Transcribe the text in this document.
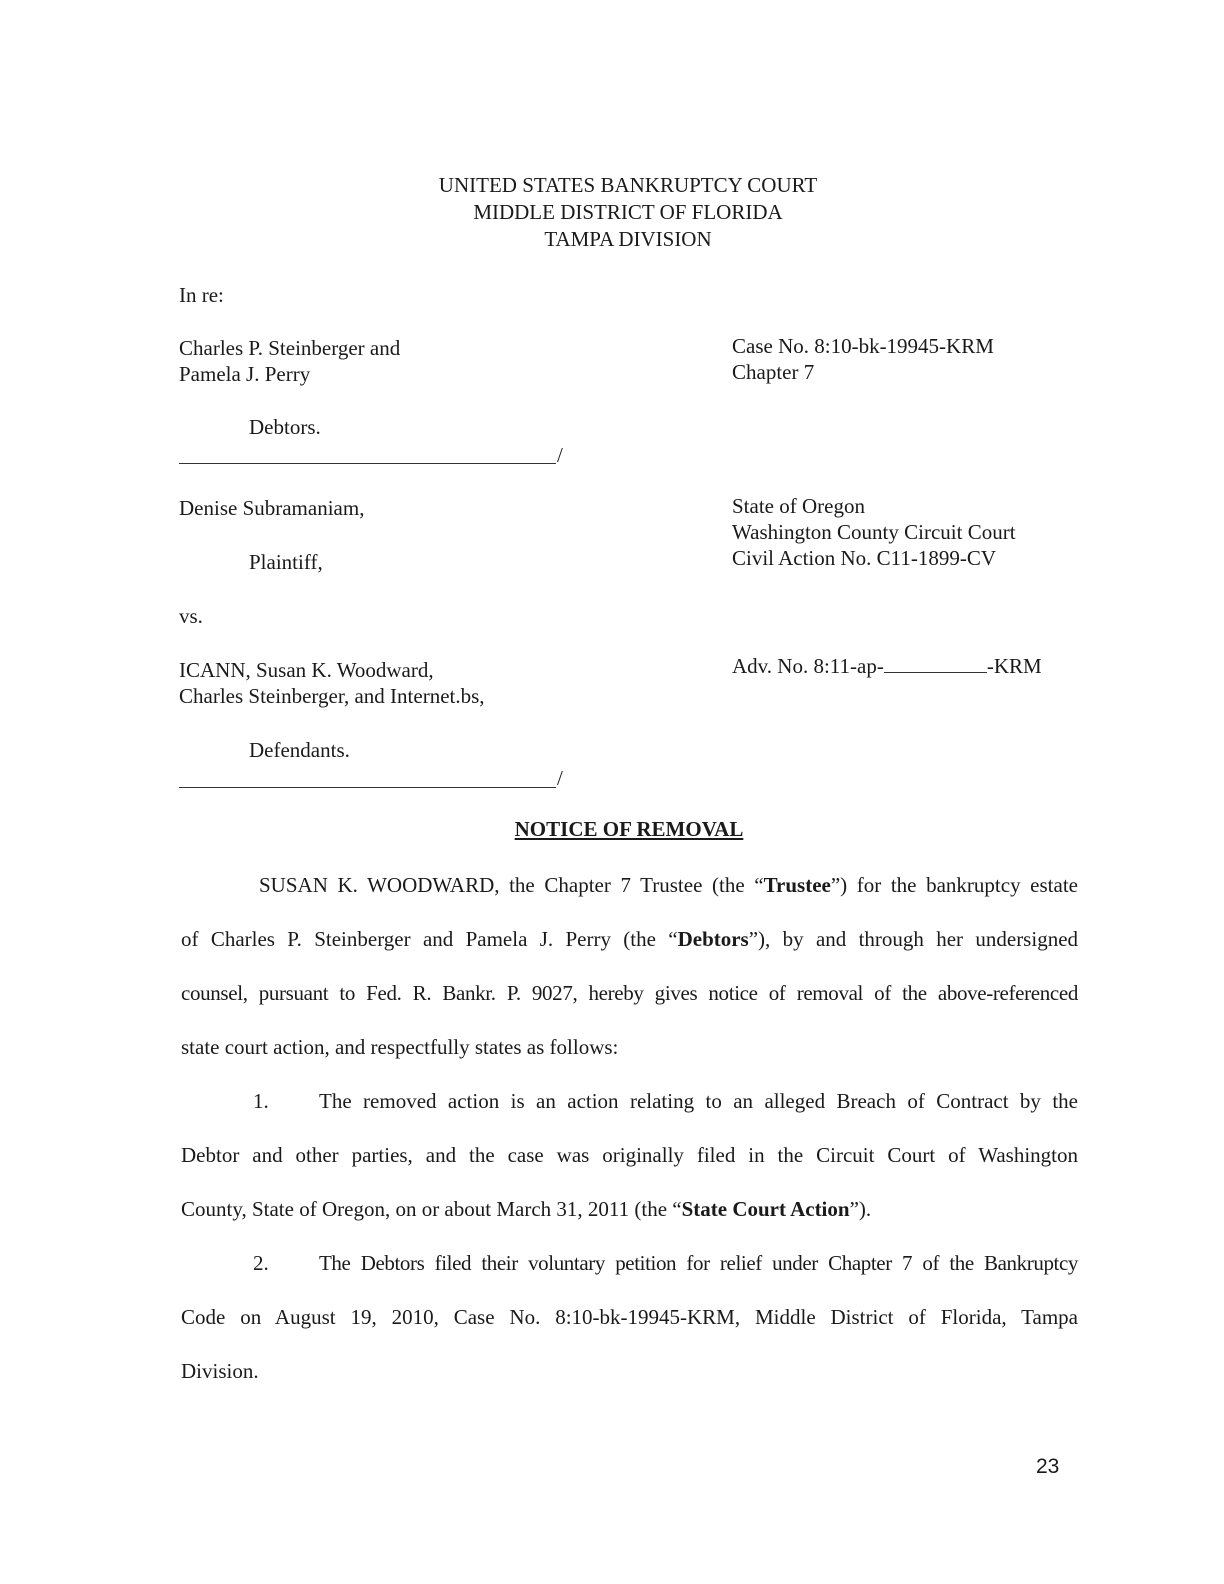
UNITED STATES BANKRUPTCY COURT
MIDDLE DISTRICT OF FLORIDA
TAMPA DIVISION
In re:
Charles P. Steinberger and
Pamela J. Perry
Debtors.
/
Denise Subramaniam,
Plaintiff,
vs.
ICANN, Susan K. Woodward,
Charles Steinberger, and Internet.bs,
Defendants.
/
Case No. 8:10-bk-19945-KRM
Chapter 7
State of Oregon
Washington County Circuit Court
Civil Action No. C11-1899-CV
Adv. No. 8:11-ap-	-KRM
NOTICE OF REMOVAL
SUSAN K. WOODWARD, the Chapter 7 Trustee (the “Trustee”) for the bankruptcy estate
of Charles P. Steinberger and Pamela J. Perry (the “Debtors”), by and through her undersigned
counsel, pursuant to Fed. R. Bankr. P. 9027, hereby gives notice of removal of the above-referenced
state court action, and respectfully states as follows:
1. The removed action is an action relating to an alleged Breach of Contract by the
Debtor and other parties, and the case was originally filed in the Circuit Court of Washington
County, State of Oregon, on or about March 31, 2011 (the “State Court Action”).
2. The Debtors filed their voluntary petition for relief under Chapter 7 of the Bankruptcy
Code on August 19, 2010, Case No. 8:10-bk-19945-KRM, Middle District of Florida, Tampa
Division.
23
